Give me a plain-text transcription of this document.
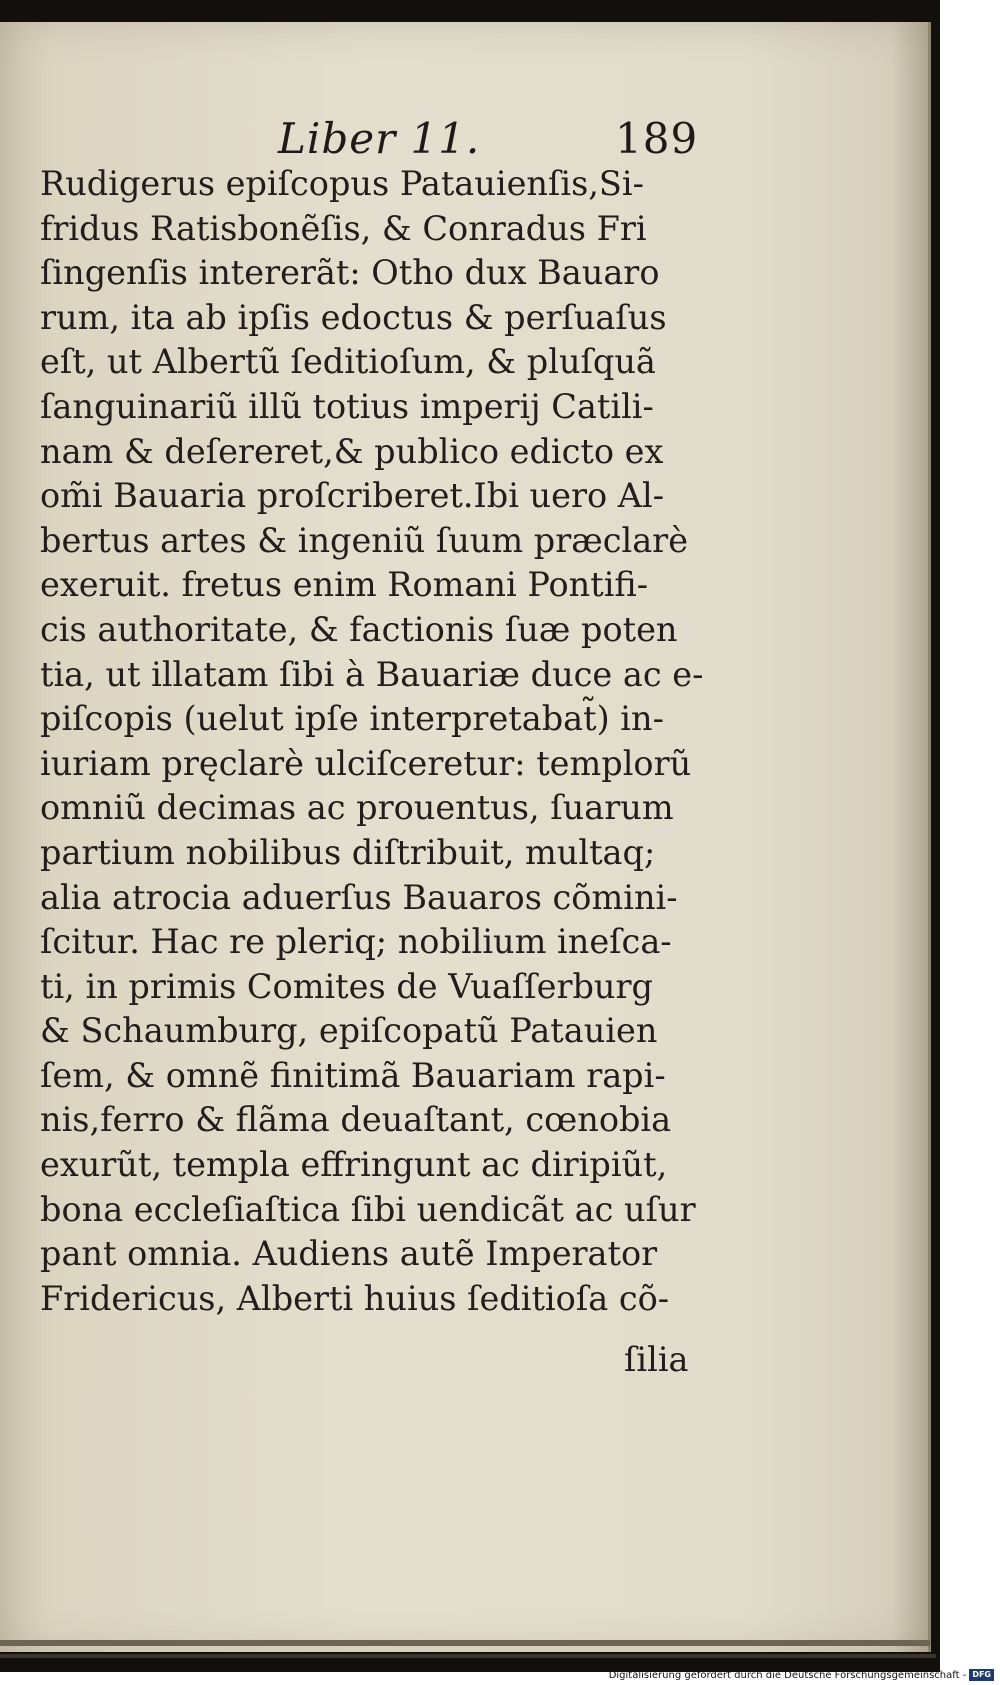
Liber 11.	189
Rudigerus epiſcopus Patauienſis,Si-
fridus Ratisbonẽſis, & Conradus Fri
ſingenſis intererãt: Otho dux Bauaro
rum, ita ab ipſis edoctus & perſuaſus
eſt, ut Albertũ ſeditioſum, & pluſquã
ſanguinariũ illũ totius imperij Catili-
nam & deſereret,& publico edicto ex
om̃i Bauaria proſcriberet.Ibi uero Al-
bertus artes & ingeniũ ſuum præclarè
exeruit. fretus enim Romani Pontifi-
cis authoritate, & factionis ſuæ poten
tia, ut illatam ſibi à Bauariæ duce ac e-
piſcopis (uelut ipſe interpretabat̃) in-
iuriam pręclarè ulciſceretur: templorũ
omniũ decimas ac prouentus, ſuarum
partium nobilibus diſtribuit, multaq;
alia atrocia aduerſus Bauaros cõmini-
ſcitur. Hac re pleriq; nobilium ineſca-
ti, in primis Comites de Vuaſſerburg
& Schaumburg, epiſcopatũ Patauien
ſem, & omnẽ finitimã Bauariam rapi-
nis,ferro & flãma deuaſtant, cœnobia
exurũt, templa effringunt ac diripiũt,
bona eccleſiaſtica ſibi uendicãt ac uſur
pant omnia. Audiens autẽ Imperator
Fridericus, Alberti huius ſeditioſa cõ-
ſilia
Digitalisierung gefördert durch die Deutsche Forschungsgemeinschaft - DFG
